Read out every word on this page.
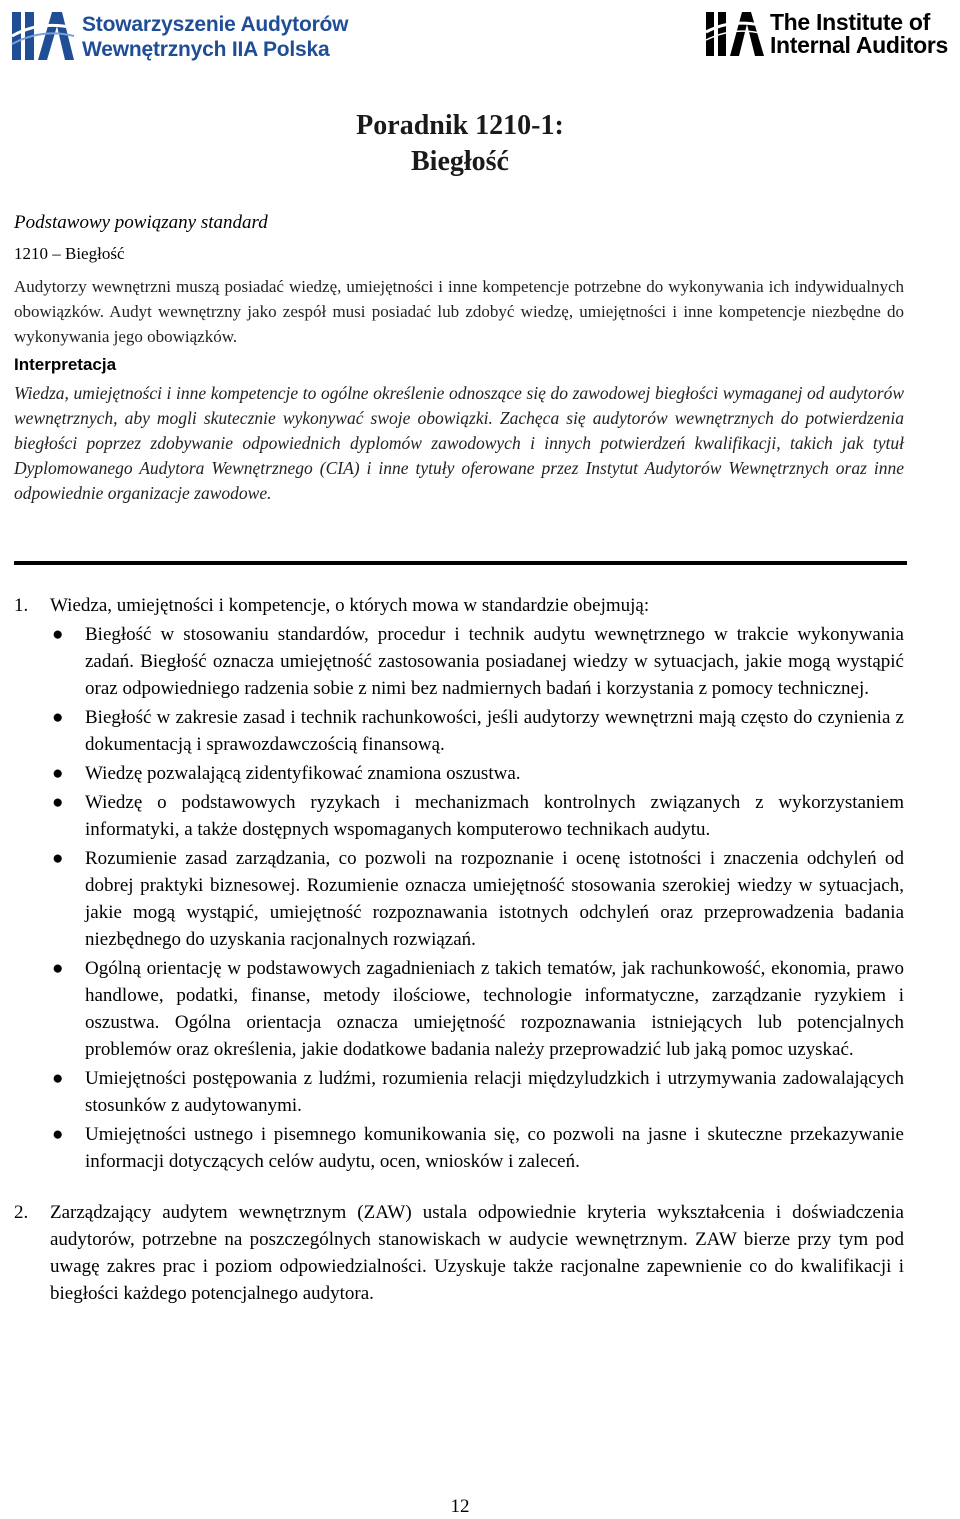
Stowarzyszenie Audytorów
Wewnętrznych IIA Polska
The Institute of
Internal Auditors
Poradnik 1210-1:
Biegłość
Podstawowy powiązany standard
1210 – Biegłość
Audytorzy wewnętrzni muszą posiadać wiedzę, umiejętności i inne kompetencje potrzebne do wykonywania ich indywidualnych obowiązków. Audyt wewnętrzny jako zespół musi posiadać lub zdobyć wiedzę, umiejętności i inne kompetencje niezbędne do wykonywania jego obowiązków.
Interpretacja
Wiedza, umiejętności i inne kompetencje to ogólne określenie odnoszące się do zawodowej biegłości wymaganej od audytorów wewnętrznych, aby mogli skutecznie wykonywać swoje obowiązki. Zachęca się audytorów wewnętrznych do potwierdzenia biegłości poprzez zdobywanie odpowiednich dyplomów zawodowych i innych potwierdzeń kwalifikacji, takich jak tytuł Dyplomowanego Audytora Wewnętrznego (CIA) i inne tytuły oferowane przez Instytut Audytorów Wewnętrznych oraz inne odpowiednie organizacje zawodowe.
1.	Wiedza, umiejętności i kompetencje, o których mowa w standardzie obejmują:
●	Biegłość w stosowaniu standardów, procedur i technik audytu wewnętrznego w trakcie wykonywania zadań. Biegłość oznacza umiejętność zastosowania posiadanej wiedzy w sytuacjach, jakie mogą wystąpić oraz odpowiedniego radzenia sobie z nimi bez nadmiernych badań i korzystania z pomocy technicznej.
●	Biegłość w zakresie zasad i technik rachunkowości, jeśli audytorzy wewnętrzni mają często do czynienia z dokumentacją i sprawozdawczością finansową.
●	Wiedzę pozwalającą zidentyfikować znamiona oszustwa.
●	Wiedzę o podstawowych ryzykach i mechanizmach kontrolnych związanych z wykorzystaniem informatyki, a także dostępnych wspomaganych komputerowo technikach audytu.
●	Rozumienie zasad zarządzania, co pozwoli na rozpoznanie i ocenę istotności i znaczenia odchyleń od dobrej praktyki biznesowej. Rozumienie oznacza umiejętność stosowania szerokiej wiedzy w sytuacjach, jakie mogą wystąpić, umiejętność rozpoznawania istotnych odchyleń oraz przeprowadzenia badania niezbędnego do uzyskania racjonalnych rozwiązań.
●	Ogólną orientację w podstawowych zagadnieniach z takich tematów, jak rachunkowość, ekonomia, prawo handlowe, podatki, finanse, metody ilościowe, technologie informatyczne, zarządzanie ryzykiem i oszustwa. Ogólna orientacja oznacza umiejętność rozpoznawania istniejących lub potencjalnych problemów oraz określenia, jakie dodatkowe badania należy przeprowadzić lub jaką pomoc uzyskać.
●	Umiejętności postępowania z ludźmi, rozumienia relacji międzyludzkich i utrzymywania zadowalających stosunków z audytowanymi.
●	Umiejętności ustnego i pisemnego komunikowania się, co pozwoli na jasne i skuteczne przekazywanie informacji dotyczących celów audytu, ocen, wniosków i zaleceń.
2.	Zarządzający audytem wewnętrznym (ZAW) ustala odpowiednie kryteria wykształcenia i doświadczenia audytorów, potrzebne na poszczególnych stanowiskach w audycie wewnętrznym. ZAW bierze przy tym pod uwagę zakres prac i poziom odpowiedzialności. Uzyskuje także racjonalne zapewnienie co do kwalifikacji i biegłości każdego potencjalnego audytora.
12
